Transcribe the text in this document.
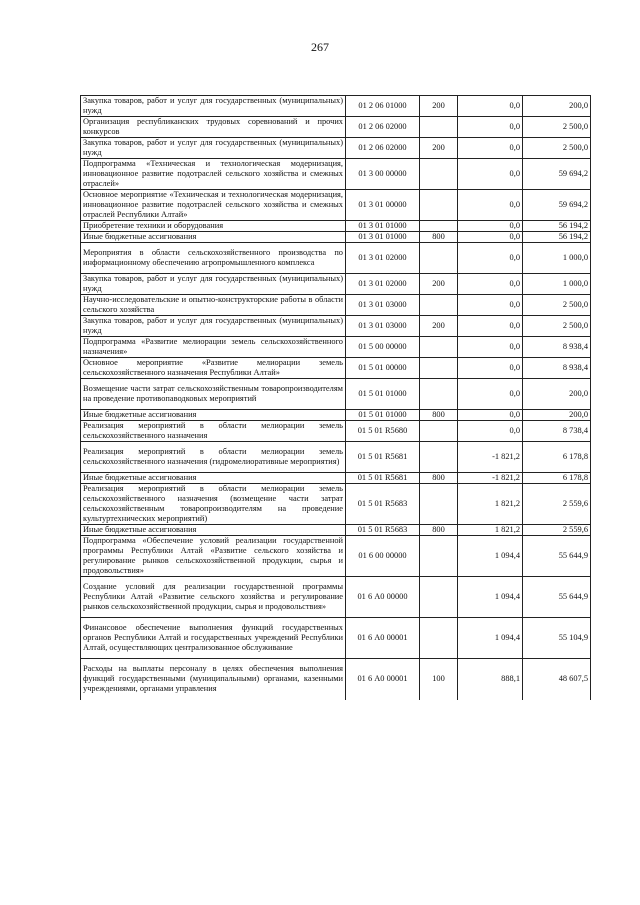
267
Закупка товаров, работ и услуг для государственных (муниципальных) нужд	01 2 06 01000	200	0,0	200,0
Организация республиканских трудовых соревнований и прочих конкурсов	01 2 06 02000		0,0	2 500,0
Закупка товаров, работ и услуг для государственных (муниципальных) нужд	01 2 06 02000	200	0,0	2 500,0
Подпрограмма «Техническая и технологическая модернизация, инновационное развитие подотраслей сельского хозяйства и смежных отраслей»	01 3 00 00000		0,0	59 694,2
Основное мероприятие «Техническая и технологическая модернизация, инновационное развитие подотраслей сельского хозяйства и смежных отраслей Республики Алтай»	01 3 01 00000		0,0	59 694,2
Приобретение техники и оборудования	01 3 01 01000		0,0	56 194,2
Иные бюджетные ассигнования	01 3 01 01000	800	0,0	56 194,2
Мероприятия в области сельскохозяйственного производства по информационному обеспечению агропромышленного комплекса	01 3 01 02000		0,0	1 000,0
Закупка товаров, работ и услуг для государственных (муниципальных) нужд	01 3 01 02000	200	0,0	1 000,0
Научно-исследовательские и опытно-конструкторские работы в области сельского хозяйства	01 3 01 03000		0,0	2 500,0
Закупка товаров, работ и услуг для государственных (муниципальных) нужд	01 3 01 03000	200	0,0	2 500,0
Подпрограмма «Развитие мелиорации земель сельскохозяйственного назначения»	01 5 00 00000		0,0	8 938,4
Основное мероприятие «Развитие мелиорации земель сельскохозяйственного назначения Республики Алтай»	01 5 01 00000		0,0	8 938,4
Возмещение части затрат сельскохозяйственным товаропроизводителям на проведение противопаводковых мероприятий	01 5 01 01000		0,0	200,0
Иные бюджетные ассигнования	01 5 01 01000	800	0,0	200,0
Реализация мероприятий в области мелиорации земель сельскохозяйственного назначения	01 5 01 R5680		0,0	8 738,4
Реализация мероприятий в области мелиорации земель сельскохозяйственного назначения (гидромелиоративные мероприятия)	01 5 01 R5681		-1 821,2	6 178,8
Иные бюджетные ассигнования	01 5 01 R5681	800	-1 821,2	6 178,8
Реализация мероприятий в области мелиорации земель сельскохозяйственного назначения (возмещение части затрат сельскохозяйственным товаропроизводителям на проведение культуртехнических мероприятий)	01 5 01 R5683		1 821,2	2 559,6
Иные бюджетные ассигнования	01 5 01 R5683	800	1 821,2	2 559,6
Подпрограмма «Обеспечение условий реализации государственной программы Республики Алтай «Развитие сельского хозяйства и регулирование рынков сельскохозяйственной продукции, сырья и продовольствия»	01 6 00 00000		1 094,4	55 644,9
Создание условий для реализации государственной программы Республики Алтай «Развитие сельского хозяйства и регулирование рынков сельскохозяйственной продукции, сырья и продовольствия»	01 6 А0 00000		1 094,4	55 644,9
Финансовое обеспечение выполнения функций государственных органов Республики Алтай и государственных учреждений Республики Алтай, осуществляющих централизованное обслуживание	01 6 А0 00001		1 094,4	55 104,9
Расходы на выплаты персоналу в целях обеспечения выполнения функций государственными (муниципальными) органами, казенными учреждениями, органами управления	01 6 А0 00001	100	888,1	48 607,5
